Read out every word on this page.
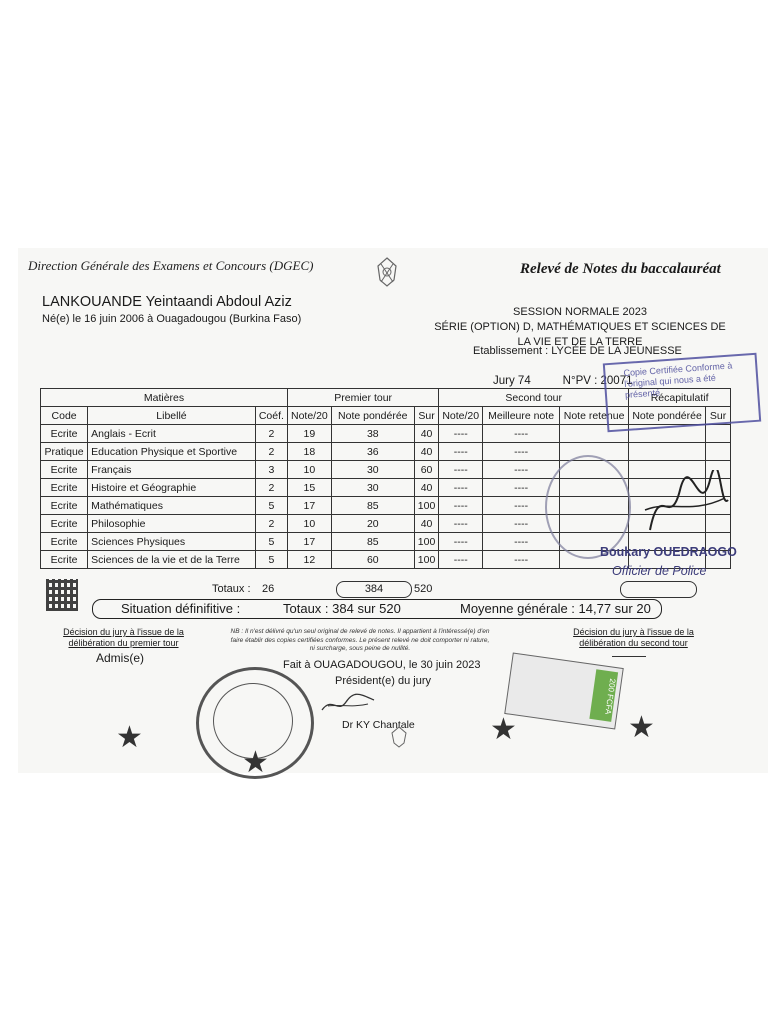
Direction Générale des Examens et Concours (DGEC)	Relevé de Notes du baccalauréat
LANKOUANDE Yeintaandi Abdoul Aziz
Né(e) le 16 juin 2006 à Ouagadougou (Burkina Faso)
SESSION NORMALE 2023
SÉRIE (OPTION) D, MATHÉMATIQUES ET SCIENCES DE LA VIE ET DE LA TERRE
Etablissement : LYCÉE DE LA JEUNESSE
Jury 74	N°PV : 20071
Matières			Premier tour			Second tour			Récapitulatif	
Code	Libellé	Coéf.	Note/20	Note pondérée	Sur	Note/20	Meilleure note	Note retenue	Note pondérée	Sur
Ecrite	Anglais - Ecrit	2	19	38	40	----	----			
Pratique	Education Physique et Sportive	2	18	36	40	----	----			
Ecrite	Français	3	10	30	60	----	----			
Ecrite	Histoire et Géographie	2	15	30	40	----	----			
Ecrite	Mathématiques	5	17	85	100	----	----			
Ecrite	Philosophie	2	10	20	40	----	----			
Ecrite	Sciences Physiques	5	17	85	100	----	----			
Ecrite	Sciences de la vie et de la Terre	5	12	60	100	----	----			
Totaux : 26	384	520
Situation définifitive :	Totaux : 384 sur 520	Moyenne générale : 14,77 sur 20
Décision du jury à l'issue de la délibération du premier tour
Admis(e)
NB : Il n'est délivré qu'un seul original de relevé de notes. Il appartient à l'intéressé(e) d'en faire établir des copies certifiées conformes. Le présent relevé ne doit comporter ni rature, ni surcharge, sous peine de nullité.
Décision du jury à l'issue de la délibération du second tour
Fait à OUAGADOUGOU, le 30 juin 2023
Président(e) du jury
Dr KY Chantale
200 FCFA
Copie Certifiée Conforme à l'original qui nous a été présenté
Boukary OUEDRAOGO
Officier de Police
★
★
★	★
